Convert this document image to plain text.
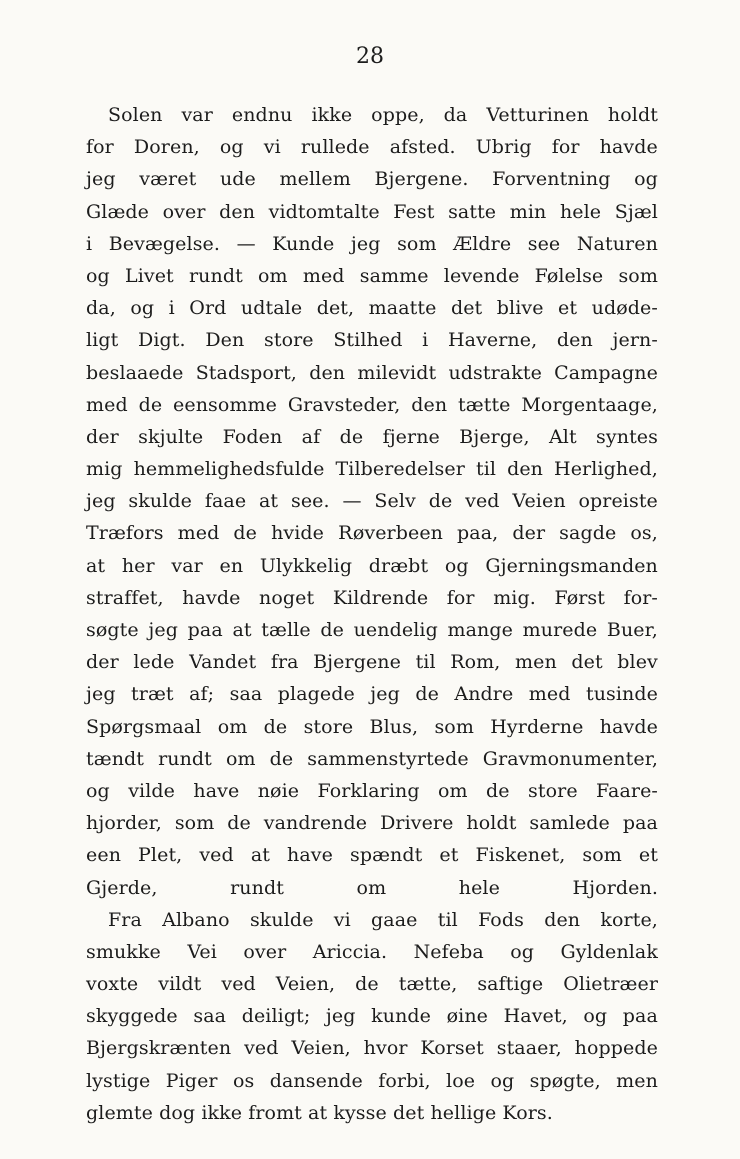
28
Solen var endnu ikke oppe, da Vetturinen holdt
for Doren, og vi rullede afsted. Ubrig for havde
jeg været ude mellem Bjergene. Forventning og
Glæde over den vidtomtalte Fest satte min hele Sjæl
i Bevægelse. — Kunde jeg som Ældre see Naturen
og Livet rundt om med samme levende Følelse som
da, og i Ord udtale det, maatte det blive et udøde-
ligt Digt. Den store Stilhed i Haverne, den jern-
beslaaede Stadsport, den milevidt udstrakte Campagne
med de eensomme Gravsteder, den tætte Morgentaage,
der skjulte Foden af de fjerne Bjerge, Alt syntes
mig hemmelighedsfulde Tilberedelser til den Herlighed,
jeg skulde faae at see. — Selv de ved Veien opreiste
Træfors med de hvide Røverbeen paa, der sagde os,
at her var en Ulykkelig dræbt og Gjerningsmanden
straffet, havde noget Kildrende for mig. Først for-
søgte jeg paa at tælle de uendelig mange murede Buer,
der lede Vandet fra Bjergene til Rom, men det blev
jeg træt af; saa plagede jeg de Andre med tusinde
Spørgsmaal om de store Blus, som Hyrderne havde
tændt rundt om de sammenstyrtede Gravmonumenter,
og vilde have nøie Forklaring om de store Faare-
hjorder, som de vandrende Drivere holdt samlede paa
een Plet, ved at have spændt et Fiskenet, som et
Gjerde,	rundt	om	hele	Hjorden.
Fra Albano skulde vi gaae til Fods den korte,
smukke Vei over Ariccia. Nefeba og Gyldenlak
voxte vildt ved Veien, de tætte, saftige Olietræer
skyggede saa deiligt; jeg kunde øine Havet, og paa
Bjergskrænten ved Veien, hvor Korset staaer, hoppede
lystige Piger os dansende forbi, loe og spøgte, men
glemte dog ikke fromt at kysse det hellige Kors.
